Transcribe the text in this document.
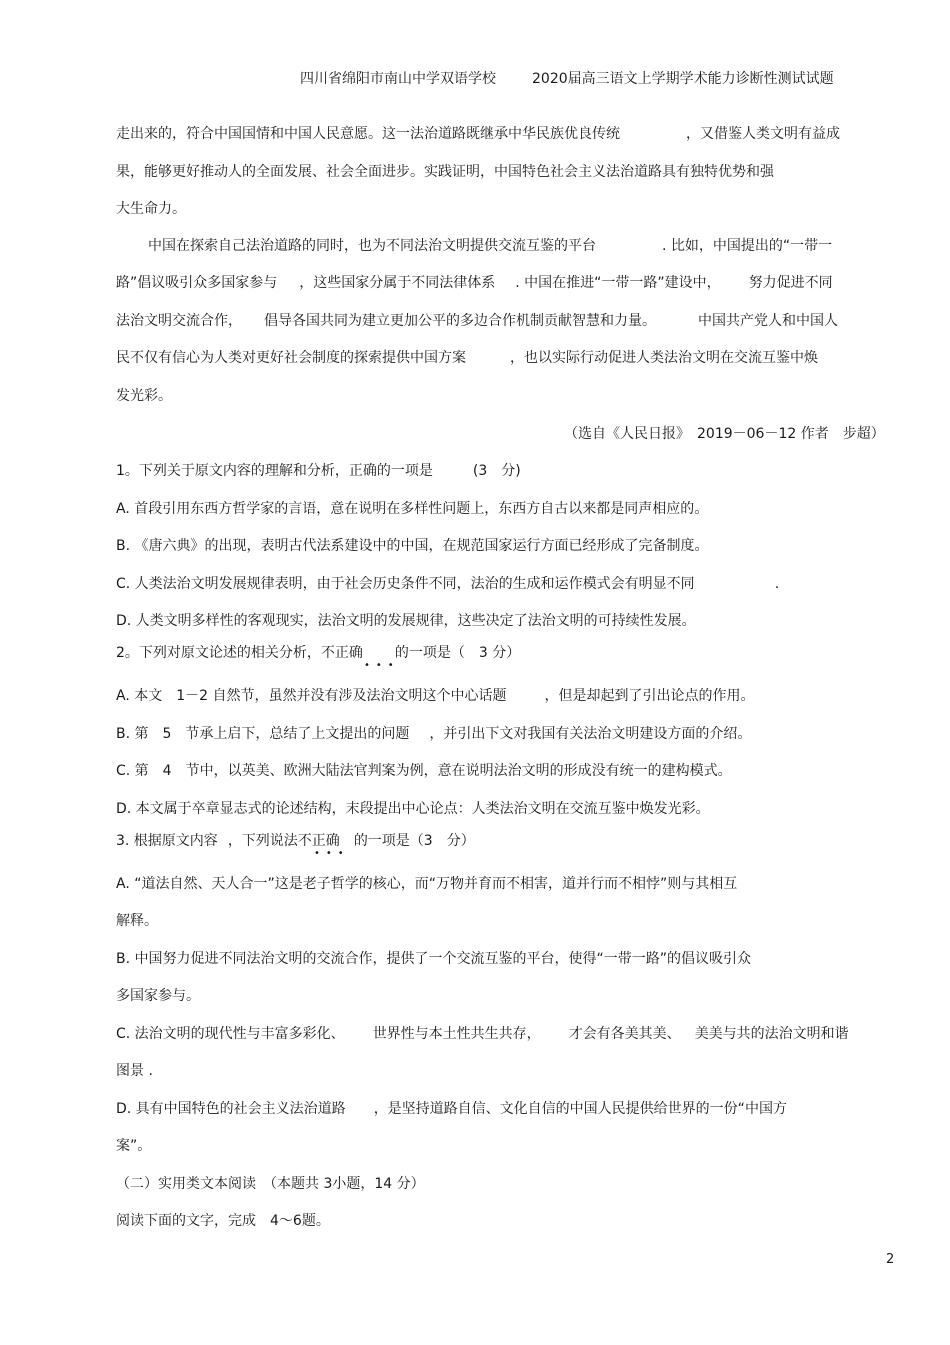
四川省绵阳市南山中学双语学校	2020届高三语文上学期学术能力诊断性测试试题
走出来的，符合中国国情和中国人民意愿。这一法治道路既继承中华民族优良传统	，又借鉴人类文明有益成
果，能够更好推动人的全面发展、社会全面进步。实践证明，中国特色社会主义法治道路具有独特优势和强
大生命力。
中国在探索自己法治道路的同时，也为不同法治文明提供交流互鉴的平台	. 比如，中国提出的“一带一
路”倡议吸引众多国家参与 ，这些国家分属于不同法律体系 . 中国在推进“一带一路”建设中， 努力促进不同
法治文明交流合作， 倡导各国共同为建立更加公平的多边合作机制贡献智慧和力量。	中国共产党人和中国人
民不仅有信心为人类对更好社会制度的探索提供中国方案	，也以实际行动促进人类法治文明在交流互鉴中焕
发光彩。
（选自《人民日报》　2019－06－12 作者　步超）
1。下列关于原文内容的理解和分析，正确的一项是	(3　分)
A. 首段引用东西方哲学家的言语，意在说明在多样性问题上，东西方自古以来都是同声相应的。
B. 《唐六典》的出现，表明古代法系建设中的中国，在规范国家运行方面已经形成了完备制度。
C. 人类法治文明发展规律表明，由于社会历史条件不同，法治的生成和运作模式会有明显不同	.
D. 人类文明多样性的客观现实，法治文明的发展规律，这些决定了法治文明的可持续性发展。
2。下列对原文论述的相关分析，不正确 的一项是（　3 分）
•••
A. 本文　1－2 自然节，虽然并没有涉及法治文明这个中心话题	，但是却起到了引出论点的作用。
B. 第　5　节承上启下，总结了上文提出的问题 ，并引出下文对我国有关法治文明建设方面的介绍。
C. 第　4　节中，以英美、欧洲大陆法官判案为例，意在说明法治文明的形成没有统一的建构模式。
D. 本文属于卒章显志式的论述结构，末段提出中心论点：人类法治文明在交流互鉴中焕发光彩。
3. 根据原文内容 ，下列说法不正确 的一项是（3　分）
•••
A. “道法自然、天人合一”这是老子哲学的核心，而“万物并育而不相害，道并行而不相悖”则与其相互
解释。
B. 中国努力促进不同法治文明的交流合作，提供了一个交流互鉴的平台，使得“一带一路”的倡议吸引众
多国家参与。
C. 法治文明的现代性与丰富多彩化、 世界性与本土性共生共存， 才会有各美其美、 美美与共的法治文明和谐
图景 .
D. 具有中国特色的社会主义法治道路 ，是坚持道路自信、文化自信的中国人民提供给世界的一份“中国方
案”。
（二）实用类文本阅读　（本题共 3小题，14 分）
阅读下面的文字，完成　4～6题。
2
